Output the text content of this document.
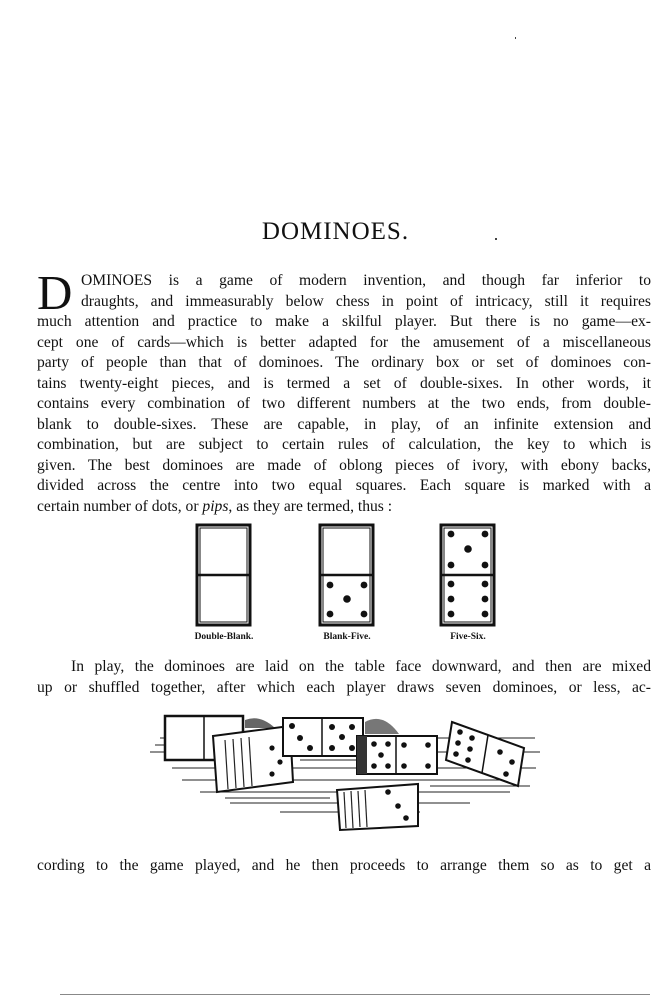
DOMINOES.
D OMINOES is a game of modern invention, and though far inferior to
draughts, and immeasurably below chess in point of intricacy, still it requires
much attention and practice to make a skilful player. But there is no game—ex-
cept one of cards—which is better adapted for the amusement of a miscellaneous
party of people than that of dominoes. The ordinary box or set of dominoes con-
tains twenty-eight pieces, and is termed a set of double-sixes. In other words, it
contains every combination of two different numbers at the two ends, from double-
blank to double-sixes. These are capable, in play, of an infinite extension and
combination, but are subject to certain rules of calculation, the key to which is
given. The best dominoes are made of oblong pieces of ivory, with ebony backs,
divided across the centre into two equal squares. Each square is marked with a
certain number of dots, or pips, as they are termed, thus :
Double-Blank.	Blank-Five.	Five-Six.
In play, the dominoes are laid on the table face downward, and then are mixed
up or shuffled together, after which each player draws seven dominoes, or less, ac-
cording to the game played, and he then proceeds to arrange them so as to get a
